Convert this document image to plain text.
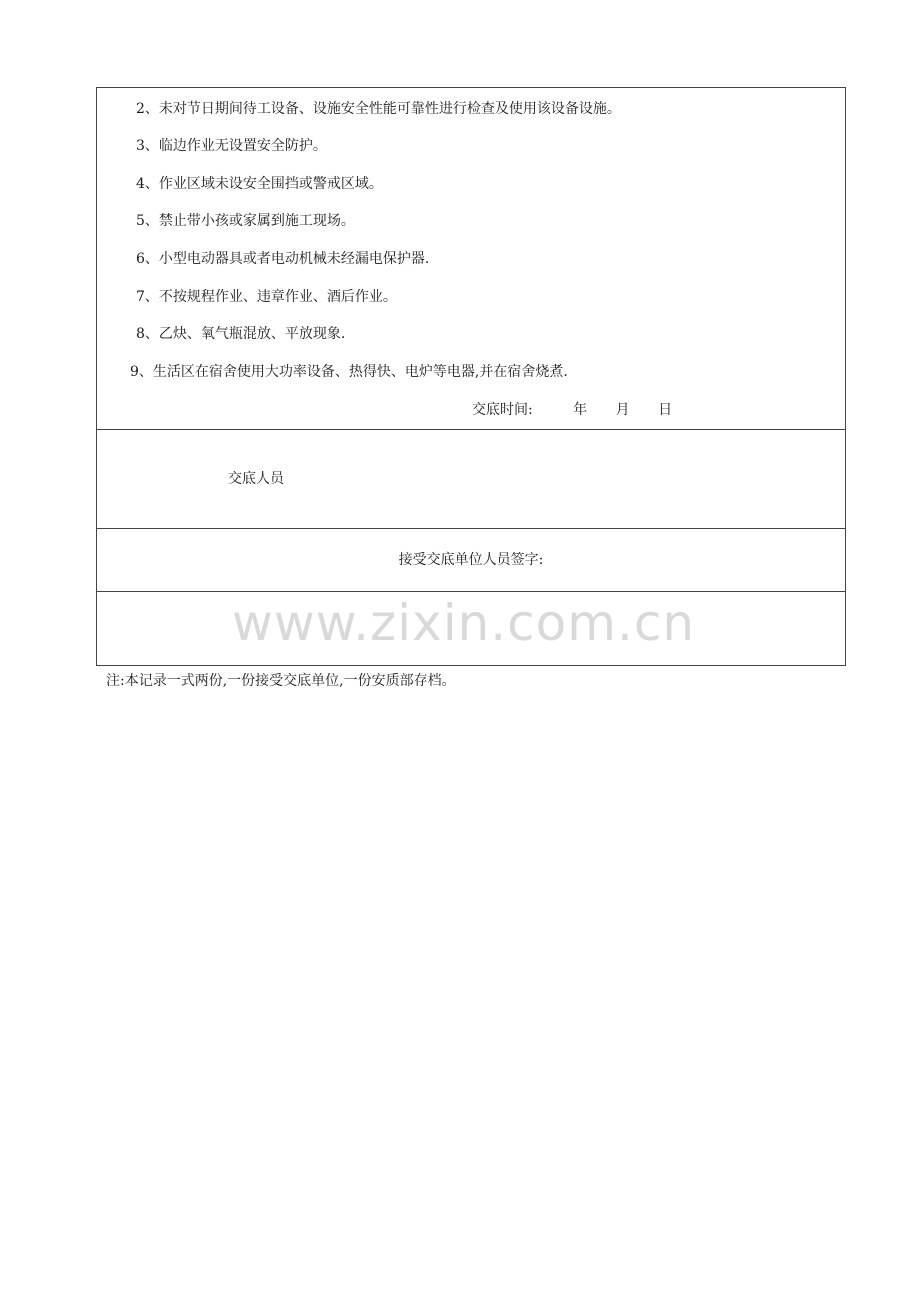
2、未对节日期间待工设备、设施安全性能可靠性进行检查及使用该设备设施。
3、临边作业无设置安全防护。
4、作业区域未设安全围挡或警戒区域。
5、禁止带小孩或家属到施工现场。
6、小型电动器具或者电动机械未经漏电保护器.
7、不按规程作业、违章作业、酒后作业。
8、乙炔、氧气瓶混放、平放现象.
9、生活区在宿舍使用大功率设备、热得快、电炉等电器,并在宿舍烧煮.
交底时间:	年 月 日
交底人员
接受交底单位人员签字:
www.zixin.com.cn
注:本记录一式两份,一份接受交底单位,一份安质部存档。
